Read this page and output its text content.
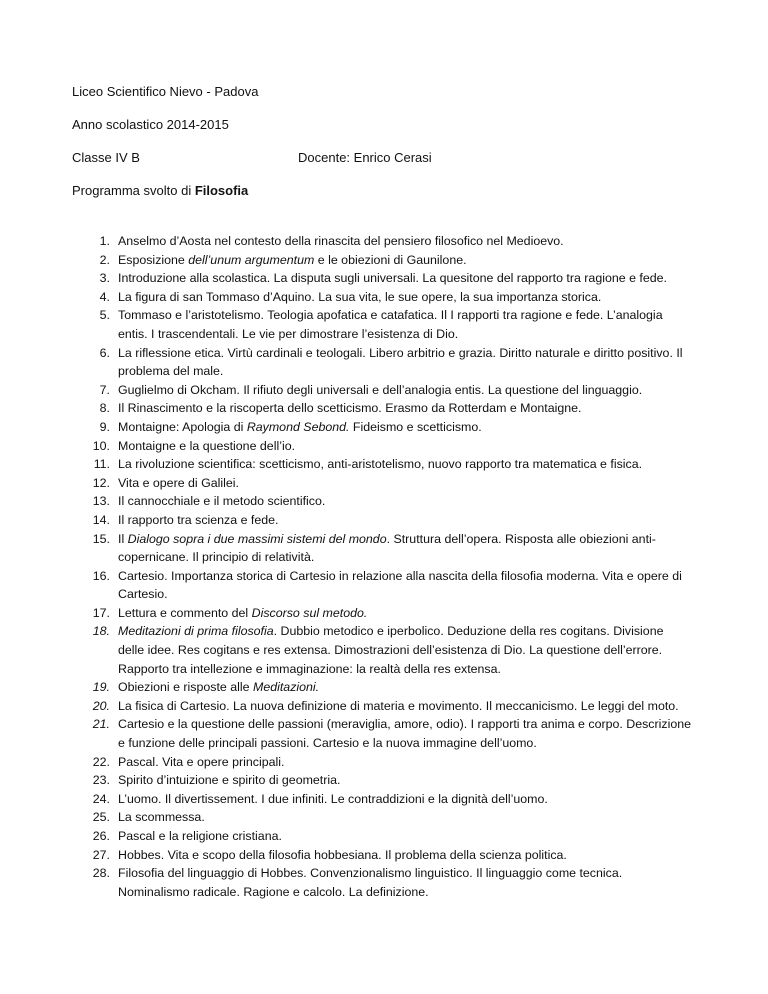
Liceo Scientifico Nievo - Padova
Anno scolastico 2014-2015
Classe IV B	Docente: Enrico Cerasi
Programma svolto di Filosofia
1. Anselmo d’Aosta nel contesto della rinascita del pensiero filosofico nel Medioevo.
2. Esposizione dell’unum argumentum e le obiezioni di Gaunilone.
3. Introduzione alla scolastica. La disputa sugli universali. La quesitone del rapporto tra ragione e fede.
4. La figura di san Tommaso d’Aquino. La sua vita, le sue opere, la sua importanza storica.
5. Tommaso e l’aristotelismo. Teologia apofatica e catafatica. Il I rapporti tra ragione e fede. L’analogia entis. I trascendentali. Le vie per dimostrare l’esistenza di Dio.
6. La riflessione etica. Virtù cardinali e teologali. Libero arbitrio e grazia. Diritto naturale e diritto positivo. Il problema del male.
7. Guglielmo di Okcham. Il rifiuto degli universali e dell’analogia entis. La questione del linguaggio.
8. Il Rinascimento e la riscoperta dello scetticismo. Erasmo da Rotterdam e Montaigne.
9. Montaigne: Apologia di Raymond Sebond. Fideismo e scetticismo.
10. Montaigne e la questione dell’io.
11. La rivoluzione scientifica: scetticismo, anti-aristotelismo, nuovo rapporto tra matematica e fisica.
12. Vita e opere di Galilei.
13. Il cannocchiale e il metodo scientifico.
14. Il rapporto tra scienza e fede.
15. Il Dialogo sopra i due massimi sistemi del mondo. Struttura dell’opera. Risposta alle obiezioni anti-copernicane. Il principio di relatività.
16. Cartesio. Importanza storica di Cartesio in relazione alla nascita della filosofia moderna. Vita e opere di Cartesio.
17. Lettura e commento del Discorso sul metodo.
18. Meditazioni di prima filosofia. Dubbio metodico e iperbolico. Deduzione della res cogitans. Divisione delle idee. Res cogitans e res extensa. Dimostrazioni dell’esistenza di Dio. La questione dell’errore. Rapporto tra intellezione e immaginazione: la realtà della res extensa.
19. Obiezioni e risposte alle Meditazioni.
20. La fisica di Cartesio. La nuova definizione di materia e movimento. Il meccanicismo. Le leggi del moto.
21. Cartesio e la questione delle passioni (meraviglia, amore, odio). I rapporti tra anima e corpo. Descrizione e funzione delle principali passioni. Cartesio e la nuova immagine dell’uomo.
22. Pascal. Vita e opere principali.
23. Spirito d’intuizione e spirito di geometria.
24. L’uomo. Il divertissement. I due infiniti. Le contraddizioni e la dignità dell’uomo.
25. La scommessa.
26. Pascal e la religione cristiana.
27. Hobbes. Vita e scopo della filosofia hobbesiana. Il problema della scienza politica.
28. Filosofia del linguaggio di Hobbes. Convenzionalismo linguistico. Il linguaggio come tecnica. Nominalismo radicale. Ragione e calcolo. La definizione.
